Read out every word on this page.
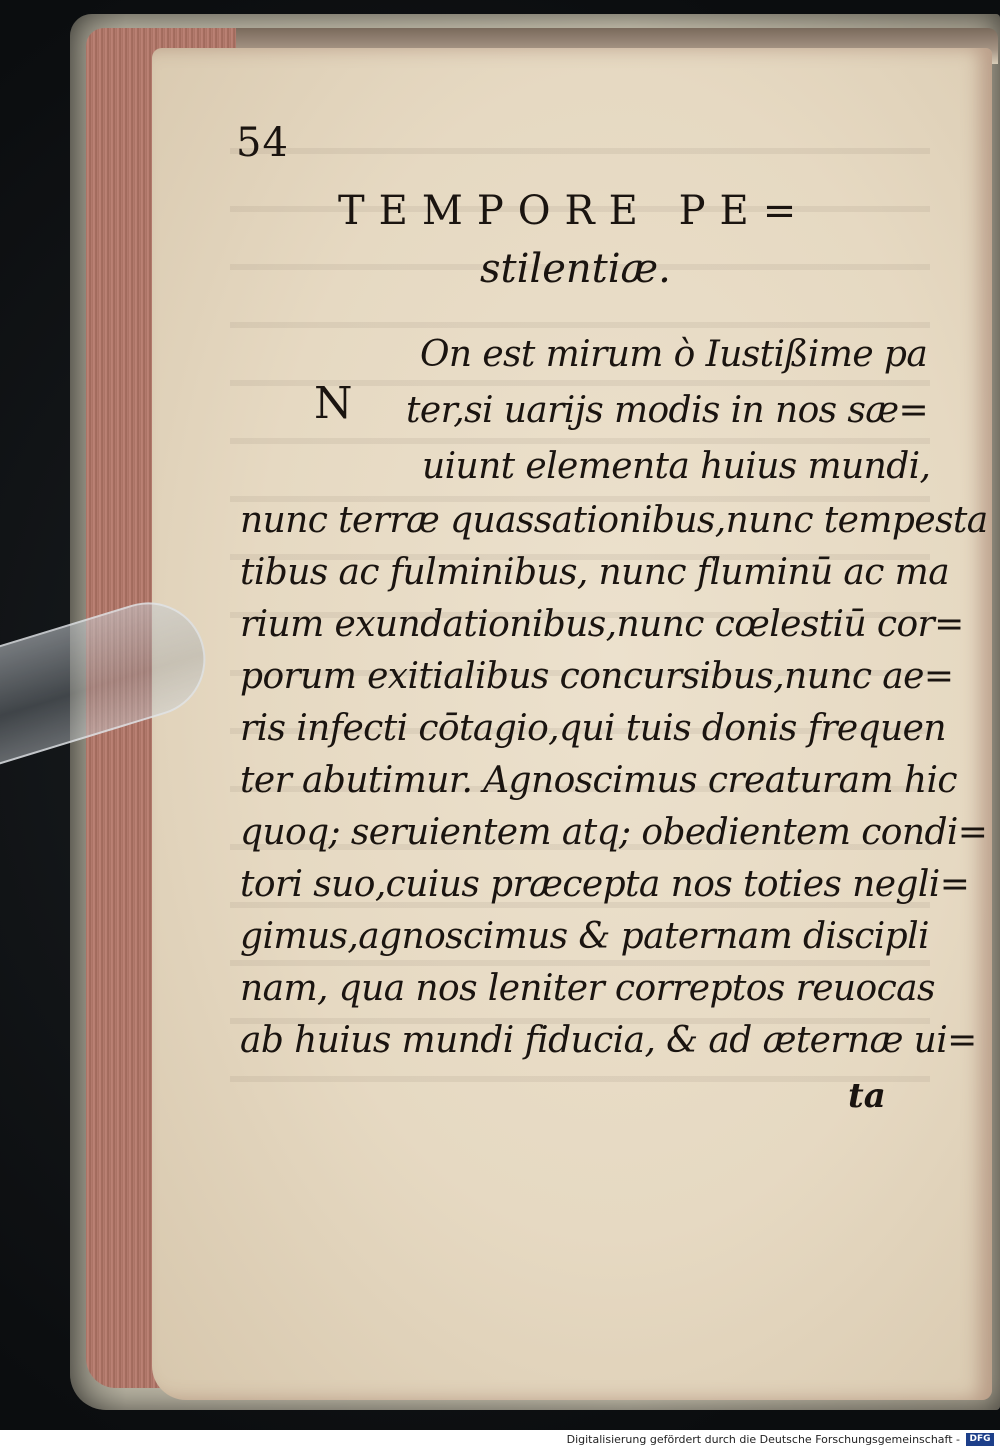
54
TEMPORE PE=
stilentiæ.
N
On est mirum ò Iustißime pa
ter,si uarijs modis in nos sæ=
uiunt elementa huius mundi,
nunc terræ quassationibus,nunc tempesta
tibus ac fulminibus, nunc fluminū ac ma
rium exundationibus,nunc cœlestiū cor=
porum exitialibus concursibus,nunc ae=
ris infecti cōtagio,qui tuis donis frequen
ter abutimur. Agnoscimus creaturam hic
quoq; seruientem atq; obedientem condi=
tori suo,cuius præcepta nos toties negli=
gimus,agnoscimus & paternam discipli
nam, qua nos leniter correptos reuocas
ab huius mundi fiducia, & ad æternæ ui=
ta
Digitalisierung gefördert durch die Deutsche Forschungsgemeinschaft -	DFG
